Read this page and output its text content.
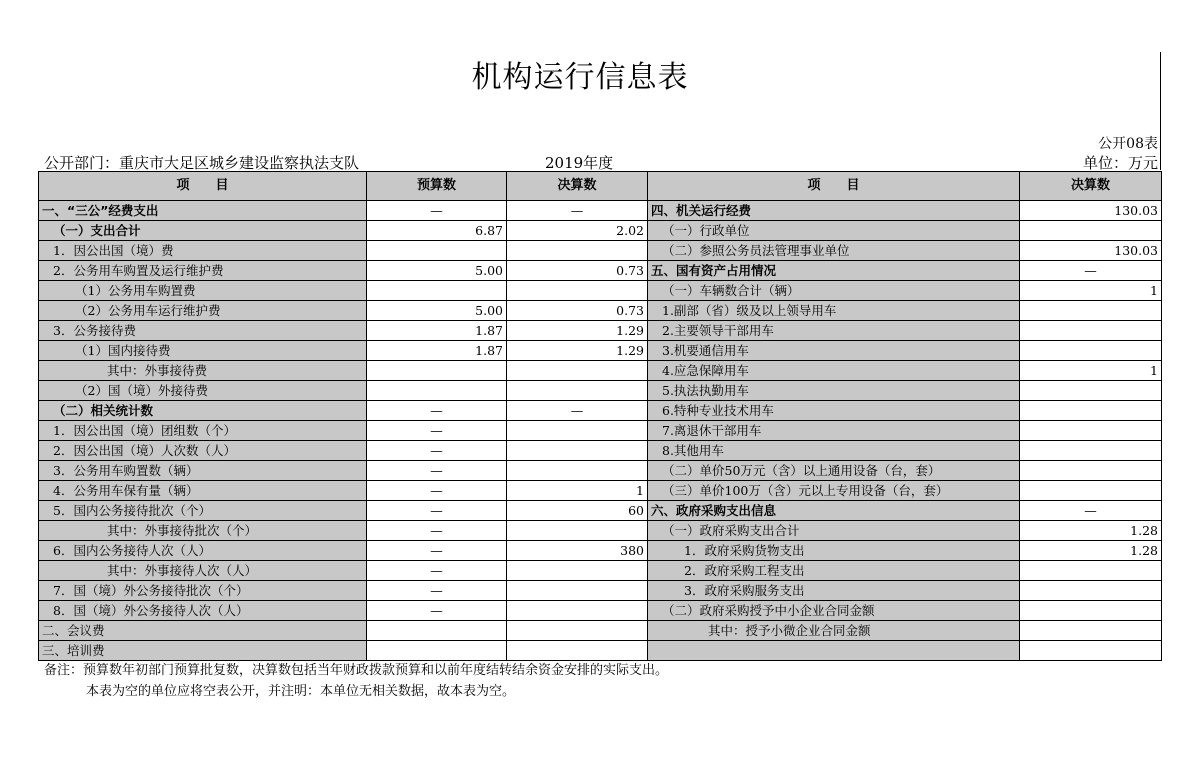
机构运行信息表
公开08表
公开部门：重庆市大足区城乡建设监察执法支队	2019年度	单位：万元
项　　目	预算数	决算数	项　　目	决算数
一、“三公”经费支出	—	—	四、机关运行经费	130.03
（一）支出合计	6.87	2.02	（一）行政单位	
1．因公出国（境）费			（二）参照公务员法管理事业单位	130.03
2．公务用车购置及运行维护费	5.00	0.73	五、国有资产占用情况	—
（1）公务用车购置费			（一）车辆数合计（辆）	1
（2）公务用车运行维护费	5.00	0.73	1.副部（省）级及以上领导用车	
3．公务接待费	1.87	1.29	2.主要领导干部用车	
（1）国内接待费	1.87	1.29	3.机要通信用车	
其中：外事接待费			4.应急保障用车	1
（2）国（境）外接待费			5.执法执勤用车	
（二）相关统计数	—	—	6.特种专业技术用车	
1．因公出国（境）团组数（个）	—		7.离退休干部用车	
2．因公出国（境）人次数（人）	—		8.其他用车	
3．公务用车购置数（辆）	—		（二）单价50万元（含）以上通用设备（台，套）	
4．公务用车保有量（辆）	—	1	（三）单价100万（含）元以上专用设备（台，套）	
5．国内公务接待批次（个）	—	60	六、政府采购支出信息	—
其中：外事接待批次（个）	—		（一）政府采购支出合计	1.28
6．国内公务接待人次（人）	—	380	1．政府采购货物支出	1.28
其中：外事接待人次（人）	—		2．政府采购工程支出	
7．国（境）外公务接待批次（个）	—		3．政府采购服务支出	
8．国（境）外公务接待人次（人）	—		（二）政府采购授予中小企业合同金额	
二、会议费			其中：授予小微企业合同金额	
三、培训费				
备注：预算数年初部门预算批复数，决算数包括当年财政拨款预算和以前年度结转结余资金安排的实际支出。
本表为空的单位应将空表公开，并注明：本单位无相关数据，故本表为空。
